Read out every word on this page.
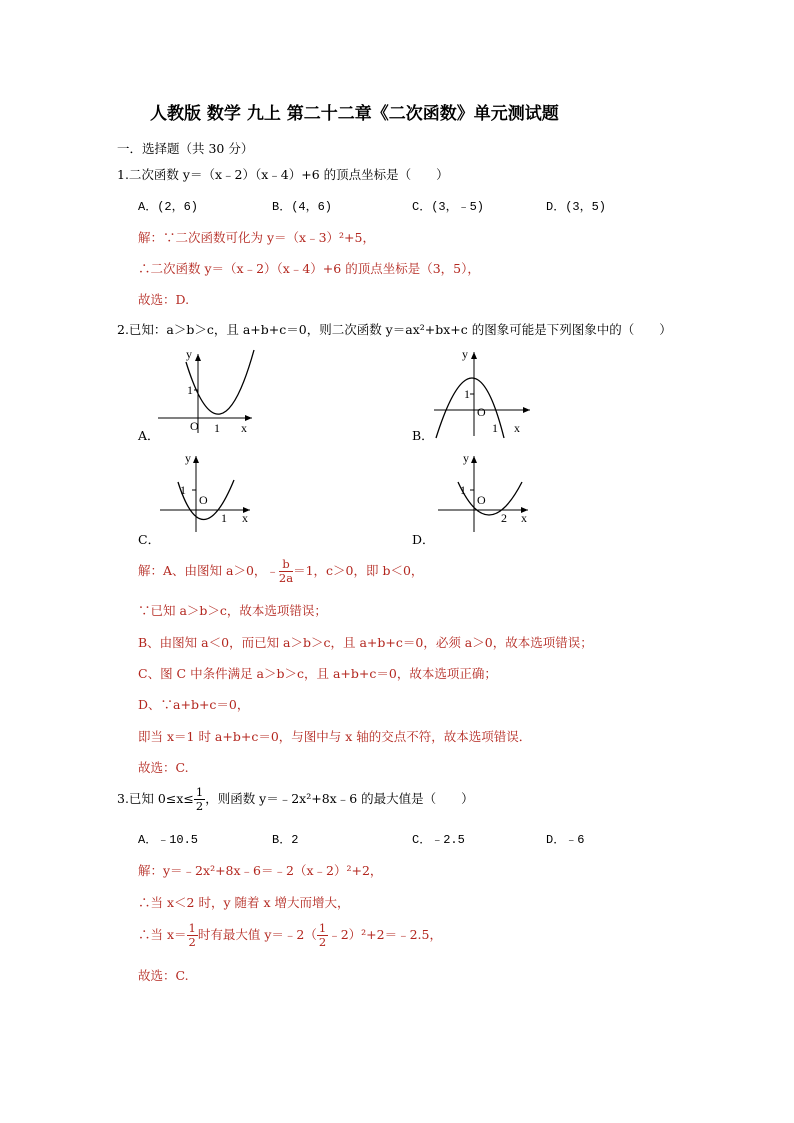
人教版 数学 九上 第二十二章《二次函数》单元测试题
一．选择题（共 30 分）
1.二次函数 y＝（x﹣2）（x﹣4）+6 的顶点坐标是（　　）
A．(2，6)	B．(4，6)	C．(3，﹣5)	D．(3，5)
解：∵二次函数可化为 y＝（x﹣3）²+5，
∴二次函数 y＝（x﹣2）（x﹣4）+6 的顶点坐标是（3，5），
故选：D.
2.已知：a＞b＞c，且 a+b+c＝0，则二次函数 y＝ax²+bx+c 的图象可能是下列图象中的（　　）
y
1
O 1 x
A．
y
1
O
1 x
B．
y
1
O
1 x
C．
y
1
O
2 x
D．
解：A、由图知 a＞0，﹣ $\frac{b}{2a} =1$，c＞0，即 b＜0，
∵已知 a＞b＞c，故本选项错误；
B、由图知 a＜0，而已知 a＞b＞c，且 a+b+c＝0，必须 a＞0，故本选项错误；
C、图 C 中条件满足 a＞b＞c，且 a+b+c＝0，故本选项正确；
D、∵a+b+c＝0，
即当 x＝1 时 a+b+c＝0，与图中与 x 轴的交点不符，故本选项错误．
故选：C.
3.已知 $0\le x\le \frac{1}{2}$ ，则函数 y＝﹣2x²+8x﹣6 的最大值是（　　）
A．﹣10.5	B．2	C．﹣2.5	D．﹣6
解：y＝﹣2x²+8x﹣6＝﹣2（x﹣2）²+2，
∴当 x＜2 时，y 随着 x 增大而增大，
∴当 $x= \frac{1}{2}$ 时有最大值 y＝﹣2（ $\frac{1}{2}$ ﹣2）²+2＝﹣2.5，
故选：C.
